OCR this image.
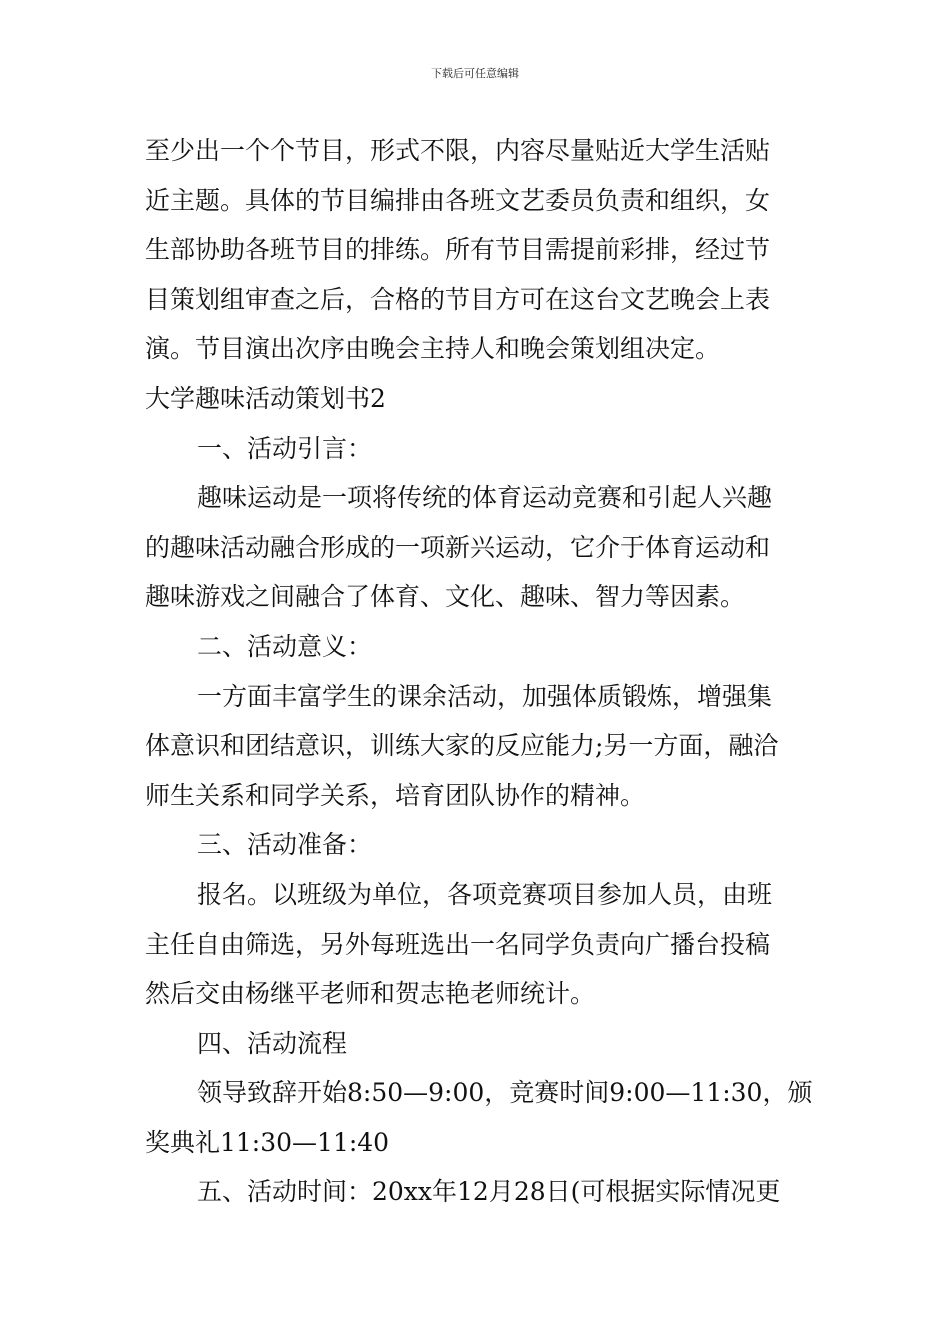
下载后可任意编辑
至少出一个个节目，形式不限，内容尽量贴近大学生活贴
近主题。具体的节目编排由各班文艺委员负责和组织，女
生部协助各班节目的排练。所有节目需提前彩排，经过节
目策划组审查之后，合格的节目方可在这台文艺晚会上表
演。节目演出次序由晚会主持人和晚会策划组决定。
大学趣味活动策划书2
一、活动引言：
趣味运动是一项将传统的体育运动竞赛和引起人兴趣
的趣味活动融合形成的一项新兴运动，它介于体育运动和
趣味游戏之间融合了体育、文化、趣味、智力等因素。
二、活动意义：
一方面丰富学生的课余活动，加强体质锻炼，增强集
体意识和团结意识，训练大家的反应能力;另一方面，融洽
师生关系和同学关系，培育团队协作的精神。
三、活动准备：
报名。以班级为单位，各项竞赛项目参加人员，由班
主任自由筛选，另外每班选出一名同学负责向广播台投稿
然后交由杨继平老师和贺志艳老师统计。
四、活动流程
领导致辞开始8:50—9:00，竞赛时间9:00—11:30，颁
奖典礼11:30—11:40
五、活动时间：20xx年12月28日(可根据实际情况更
